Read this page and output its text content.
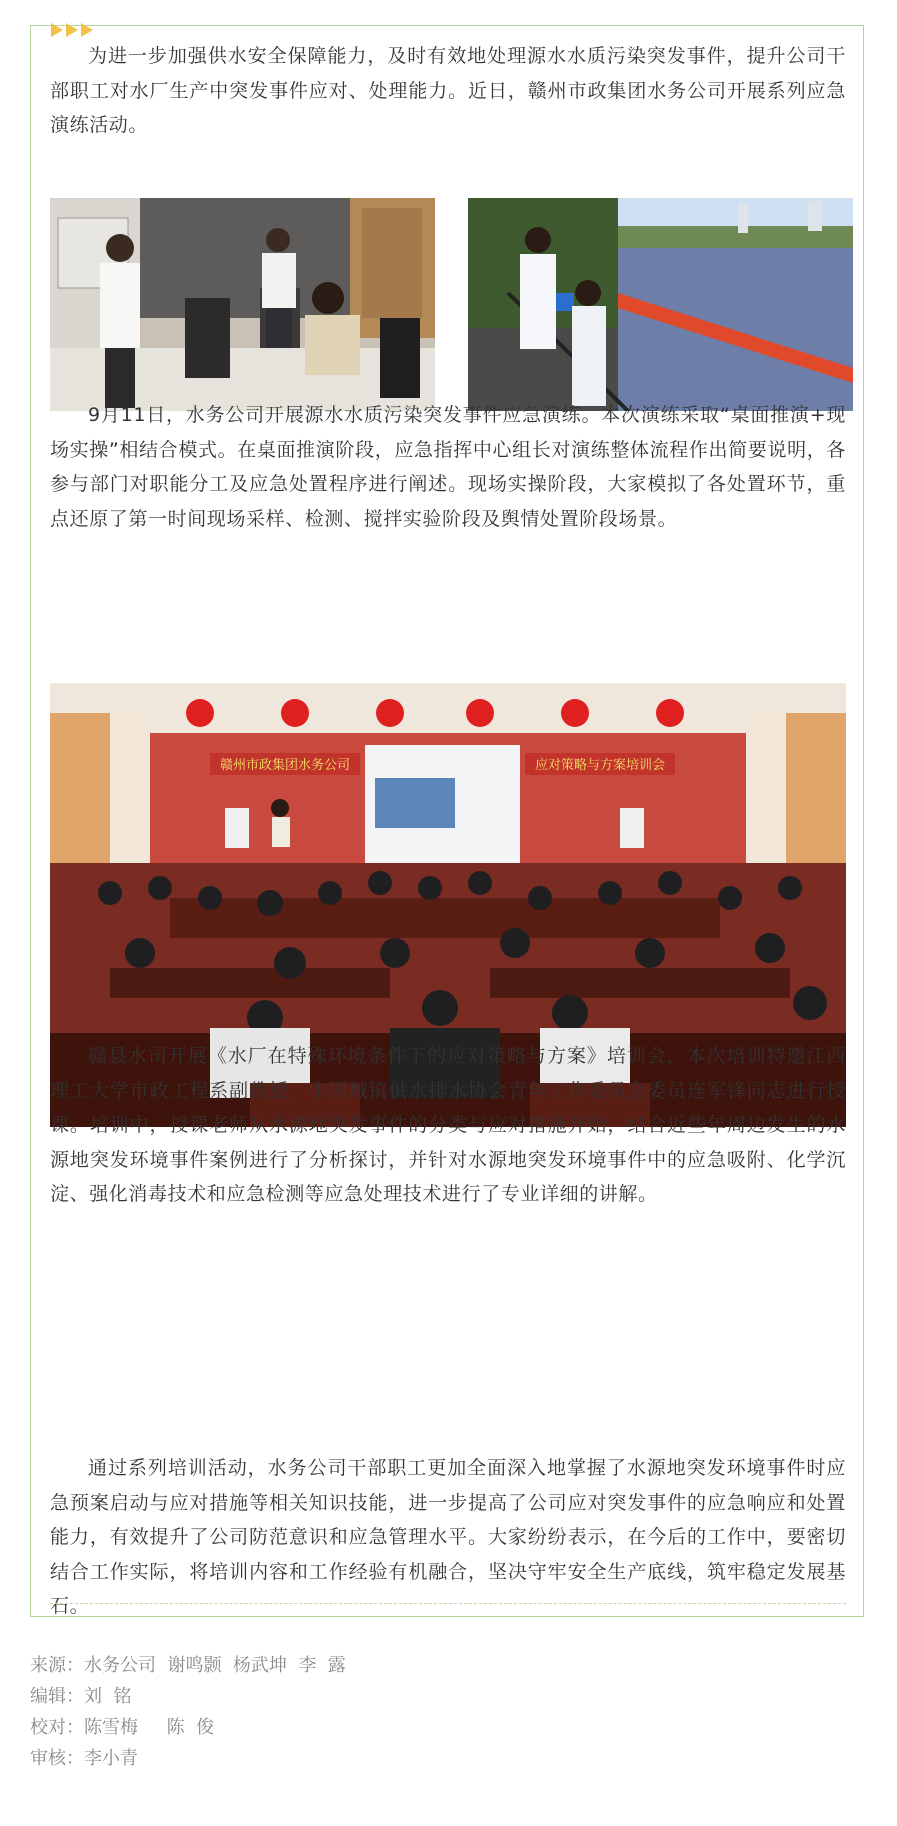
为进一步加强供水安全保障能力，及时有效地处理源水水质污染突发事件，提升公司干部职工对水厂生产中突发事件应对、处理能力。近日，赣州市政集团水务公司开展系列应急演练活动。

9月11日，水务公司开展源水水质污染突发事件应急演练。本次演练采取“桌面推演+现场实操”相结合模式。在桌面推演阶段，应急指挥中心组长对演练整体流程作出简要说明，各参与部门对职能分工及应急处置程序进行阐述。现场实操阶段，大家模拟了各处置环节，重点还原了第一时间现场采样、检测、搅拌实验阶段及舆情处置阶段场景。

赣州市政集团水务公司	应对策略与方案培训会

赣县水司开展《水厂在特殊环境条件下的应对策略与方案》培训会，本次培训特邀江西理工大学市政工程系副教授、中国城镇供水排水协会青年工作委员会委员连军锋同志进行授课。培训中，授课老师从水源地突发事件的分类与应对措施开始，结合近些年周边发生的水源地突发环境事件案例进行了分析探讨，并针对水源地突发环境事件中的应急吸附、化学沉淀、强化消毒技术和应急检测等应急处理技术进行了专业详细的讲解。

通过系列培训活动，水务公司干部职工更加全面深入地掌握了水源地突发环境事件时应急预案启动与应对措施等相关知识技能，进一步提高了公司应对突发事件的应急响应和处置能力，有效提升了公司防范意识和应急管理水平。大家纷纷表示，在今后的工作中，要密切结合工作实际，将培训内容和工作经验有机融合，坚决守牢安全生产底线，筑牢稳定发展基石。

来源：水务公司  谢鸣颢  杨武坤  李  露
编辑：刘  铭
校对：陈雪梅     陈  俊
审核：李小青
